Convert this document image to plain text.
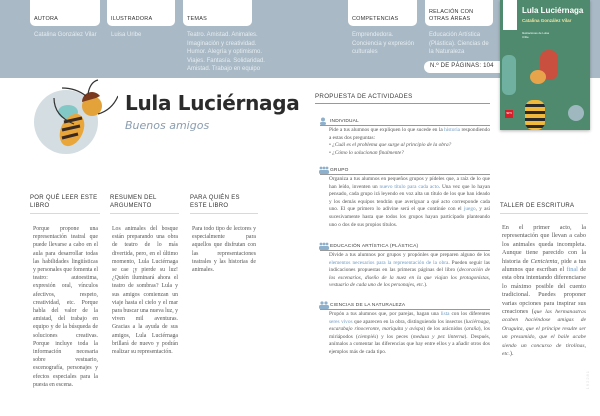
AUTORA
Catalina González Vilar
ILUSTRADORA
Luisa Uribe
TEMAS
Teatro. Amistad. Animales. Imaginación y creatividad. Humor. Alegría y optimismo. Viajes. Fantasía. Solidaridad. Amistad. Trabajo en equipo
COMPETENCIAS
Emprendedora. Conciencia y expresión culturales
RELACIÓN CON OTRAS ÁREAS
Educación Artística (Plástica). Ciencias de la Naturaleza
N.º DE PÁGINAS: 104
Lula Luciérnaga
Catalina González Vilar
Ilustraciones de Luisa Uribe
sm
Lula Luciérnaga
Buenos amigos
POR QUÉ LEER ESTE LIBRO
Porque propone una representación teatral que puede llevarse a cabo en el aula para desarrollar todas las habilidades lingüísticas y personales que fomenta el teatro: autoestima, expresión oral, vínculos afectivos, respeto, creatividad, etc. Porque habla del valor de la amistad, del trabajo en equipo y de la búsqueda de soluciones creativas. Porque incluye toda la información necesaria sobre vestuario, escenografía, personajes y efectos especiales para la puesta en escena.
RESUMEN DEL ARGUMENTO
Los animales del bosque están preparando una obra de teatro de lo más divertida, pero, en el último momento, Lula Luciérnaga se cae ¡y pierde su luz! ¿Quién iluminará ahora el teatro de sombras? Lula y sus amigos comienzan un viaje hasta el cielo y el mar para buscar una nueva luz, y viven mil aventuras. Gracias a la ayuda de sus amigos, Lula Luciérnaga brillará de nuevo y podrán realizar su representación.
PARA QUIÉN ES ESTE LIBRO
Para todo tipo de lectores y especialmente para aquellos que disfrutan con las representaciones teatrales y las historias de animales.
PROPUESTA DE ACTIVIDADES
INDIVIDUAL
Pide a tus alumnos que expliquen lo que sucede en la historia respondiendo a estas dos preguntas:
• ¿Cuál es el problema que surge al principio de la obra?
• ¿Cómo lo solucionan finalmente?
GRUPO
Organiza a tus alumnos en pequeños grupos y pídeles que, a raíz de lo que han leído, inventen un nuevo título para cada acto. Una vez que lo hayan pensado, cada grupo irá leyendo en voz alta un título de los que han ideado y los demás equipos tendrán que averiguar a qué acto corresponde cada uno. El que primero lo adivine será el que continúe con el juego, y así sucesivamente hasta que todos los grupos hayan participado planteando uno o dos de sus propios títulos.
EDUCACIÓN ARTÍSTICA (PLÁSTICA)
Divide a tus alumnos por grupos y propónles que preparen alguno de los elementos necesarios para la representación de la obra. Pueden seguir las indicaciones propuestas en las primeras páginas del libro (decoración de los escenarios, diseño de la nuez en la que viajan los protagonistas, vestuario de cada uno de los personajes, etc.).
CIENCIAS DE LA NATURALEZA
Propón a tus alumnos que, por parejas, hagan una lista con los diferentes seres vivos que aparecen en la obra, distinguiendo los insectos (luciérnaga, escarabajo rinoceronte, mariquita y avispa) de los arácnidos (araña), los miriápodos (ciempiés) y los peces (medusa y pez linterna). Después, anímalos a comentar las diferencias que hay entre ellos y a añadir otros dos ejemplos más de cada tipo.
TALLER DE ESCRITURA
En el primer acto, la representación que llevan a cabo los animales queda incompleta. Aunque tiene parecido con la historia de Cenicienta, pide a tus alumnos que escriban el final de esta obra intentando diferenciarse lo máximo posible del cuento tradicional. Puedes proponer varias opciones para inspirar sus creaciones (que las hermanastras acaben haciéndose amigas de Oruguita, que el príncipe resulte ser un presumido, que el baile acabe siendo un concurso de tirolinas, etc.).
192281
